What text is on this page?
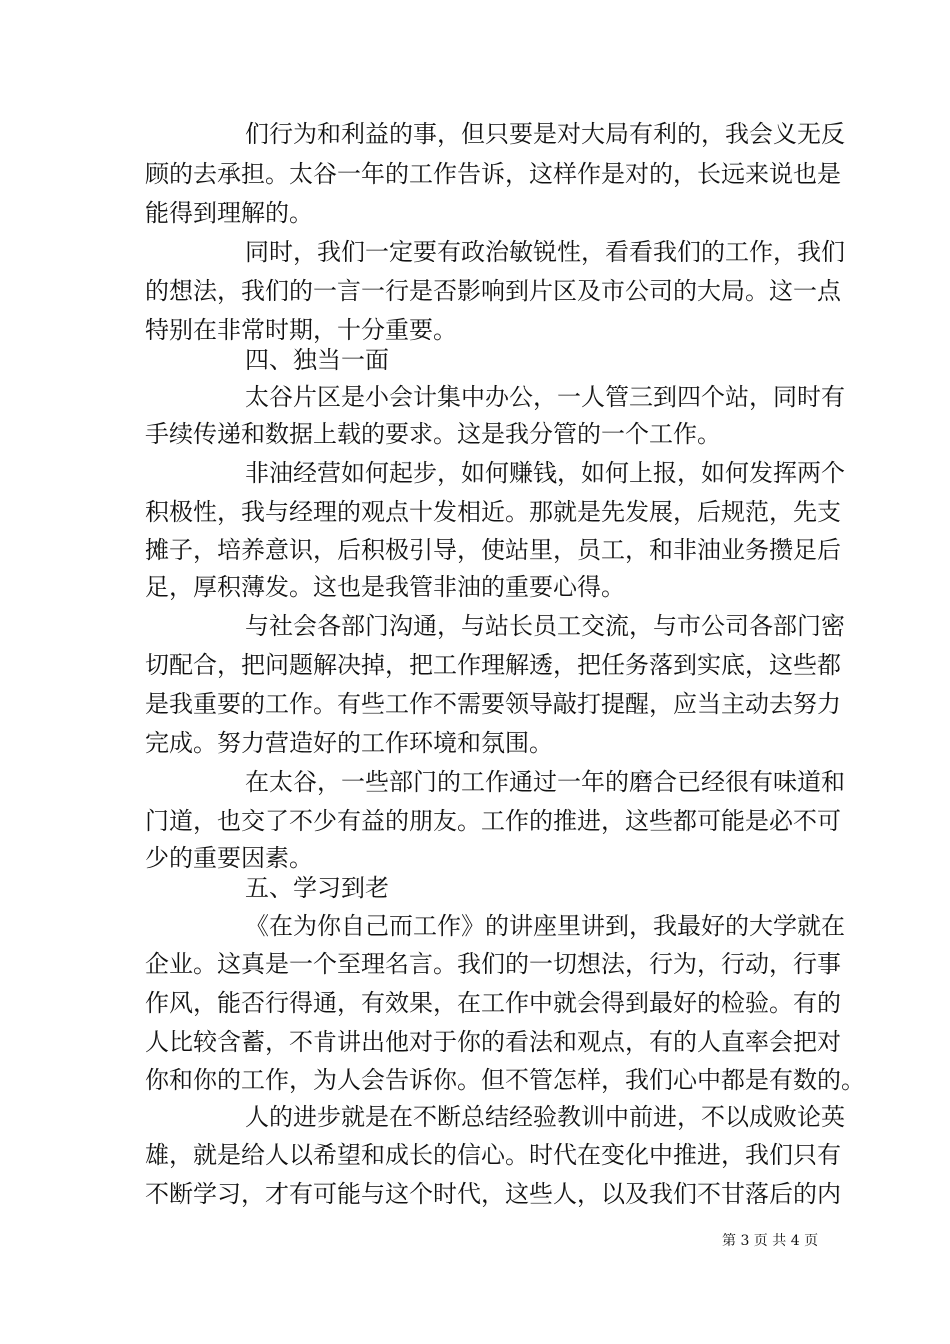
们行为和利益的事，但只要是对大局有利的，我会义无反
顾的去承担。太谷一年的工作告诉，这样作是对的，长远来说也是
能得到理解的。
同时，我们一定要有政治敏锐性，看看我们的工作，我们
的想法，我们的一言一行是否影响到片区及市公司的大局。这一点
特别在非常时期，十分重要。
四、独当一面
太谷片区是小会计集中办公，一人管三到四个站，同时有
手续传递和数据上载的要求。这是我分管的一个工作。
非油经营如何起步，如何赚钱，如何上报，如何发挥两个
积极性，我与经理的观点十发相近。那就是先发展，后规范，先支
摊子，培养意识，后积极引导，使站里，员工，和非油业务攒足后
足，厚积薄发。这也是我管非油的重要心得。
与社会各部门沟通，与站长员工交流，与市公司各部门密
切配合，把问题解决掉，把工作理解透，把任务落到实底，这些都
是我重要的工作。有些工作不需要领导敲打提醒，应当主动去努力
完成。努力营造好的工作环境和氛围。
在太谷，一些部门的工作通过一年的磨合已经很有味道和
门道，也交了不少有益的朋友。工作的推进，这些都可能是必不可
少的重要因素。
五、学习到老
《在为你自己而工作》的讲座里讲到，我最好的大学就在
企业。这真是一个至理名言。我们的一切想法，行为，行动，行事
作风，能否行得通，有效果，在工作中就会得到最好的检验。有的
人比较含蓄，不肯讲出他对于你的看法和观点，有的人直率会把对
你和你的工作，为人会告诉你。但不管怎样，我们心中都是有数的。
人的进步就是在不断总结经验教训中前进，不以成败论英
雄，就是给人以希望和成长的信心。时代在变化中推进，我们只有
不断学习，才有可能与这个时代，这些人，以及我们不甘落后的内
第 3 页 共 4 页
